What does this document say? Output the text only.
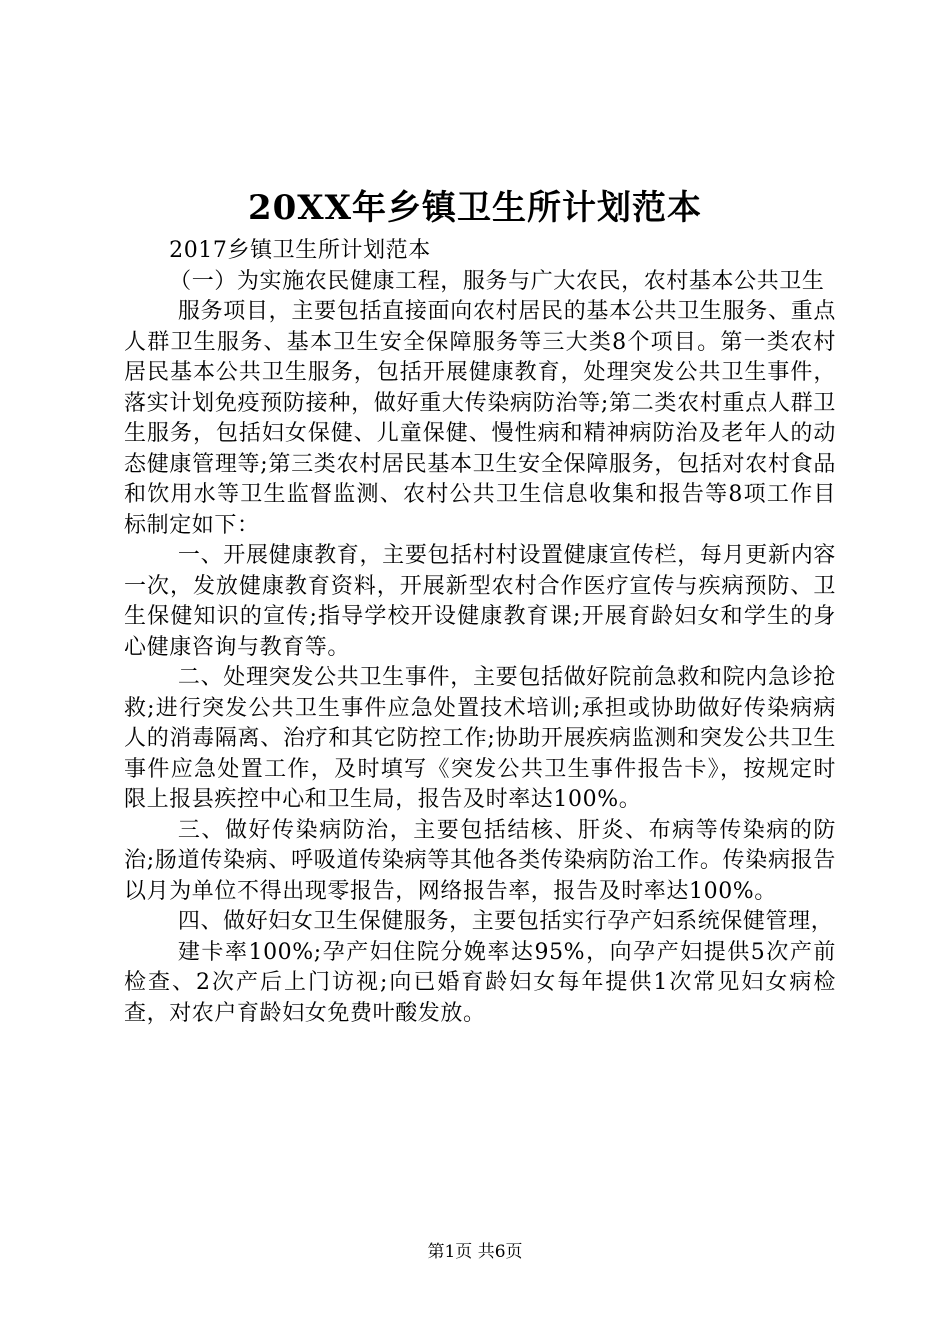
20XX年乡镇卫生所计划范本

2017乡镇卫生所计划范本

（一）为实施农民健康工程，服务与广大农民，农村基本公共卫生

服务项目，主要包括直接面向农村居民的基本公共卫生服务、重点人群卫生服务、基本卫生安全保障服务等三大类8个项目。第一类农村居民基本公共卫生服务，包括开展健康教育，处理突发公共卫生事件，落实计划免疫预防接种，做好重大传染病防治等;第二类农村重点人群卫生服务，包括妇女保健、儿童保健、慢性病和精神病防治及老年人的动态健康管理等;第三类农村居民基本卫生安全保障服务，包括对农村食品和饮用水等卫生监督监测、农村公共卫生信息收集和报告等8项工作目标制定如下：

一、开展健康教育，主要包括村村设置健康宣传栏，每月更新内容一次，发放健康教育资料，开展新型农村合作医疗宣传与疾病预防、卫生保健知识的宣传;指导学校开设健康教育课;开展育龄妇女和学生的身心健康咨询与教育等。

二、处理突发公共卫生事件，主要包括做好院前急救和院内急诊抢救;进行突发公共卫生事件应急处置技术培训;承担或协助做好传染病病人的消毒隔离、治疗和其它防控工作;协助开展疾病监测和突发公共卫生事件应急处置工作，及时填写《突发公共卫生事件报告卡》，按规定时限上报县疾控中心和卫生局，报告及时率达100%。

三、做好传染病防治，主要包括结核、肝炎、布病等传染病的防治;肠道传染病、呼吸道传染病等其他各类传染病防治工作。传染病报告以月为单位不得出现零报告，网络报告率，报告及时率达100%。

四、做好妇女卫生保健服务，主要包括实行孕产妇系统保健管理，

建卡率100%;孕产妇住院分娩率达95%，向孕产妇提供5次产前检查、2次产后上门访视;向已婚育龄妇女每年提供1次常见妇女病检查，对农户育龄妇女免费叶酸发放。

第1页 共6页
